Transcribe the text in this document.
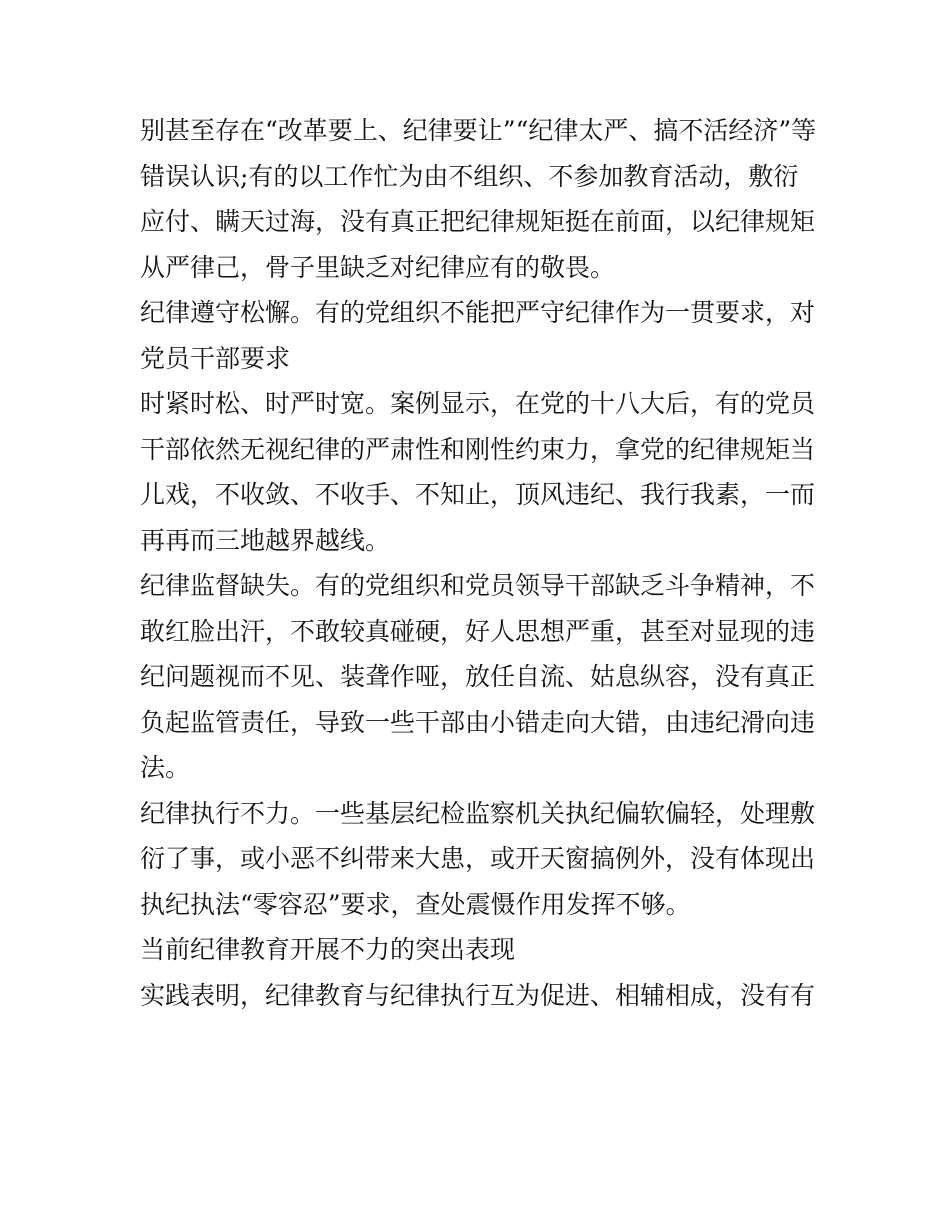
别甚至存在“改革要上、纪律要让”“纪律太严、搞不活经济”等
错误认识;有的以工作忙为由不组织、不参加教育活动，敷衍
应付、瞒天过海，没有真正把纪律规矩挺在前面，以纪律规矩
从严律己，骨子里缺乏对纪律应有的敬畏。
纪律遵守松懈。有的党组织不能把严守纪律作为一贯要求，对
党员干部要求
时紧时松、时严时宽。案例显示，在党的十八大后，有的党员
干部依然无视纪律的严肃性和刚性约束力，拿党的纪律规矩当
儿戏，不收敛、不收手、不知止，顶风违纪、我行我素，一而
再再而三地越界越线。
纪律监督缺失。有的党组织和党员领导干部缺乏斗争精神，不
敢红脸出汗，不敢较真碰硬，好人思想严重，甚至对显现的违
纪问题视而不见、装聋作哑，放任自流、姑息纵容，没有真正
负起监管责任，导致一些干部由小错走向大错，由违纪滑向违
法。
纪律执行不力。一些基层纪检监察机关执纪偏软偏轻，处理敷
衍了事，或小恶不纠带来大患，或开天窗搞例外，没有体现出
执纪执法“零容忍”要求，查处震慑作用发挥不够。
当前纪律教育开展不力的突出表现
实践表明，纪律教育与纪律执行互为促进、相辅相成，没有有
